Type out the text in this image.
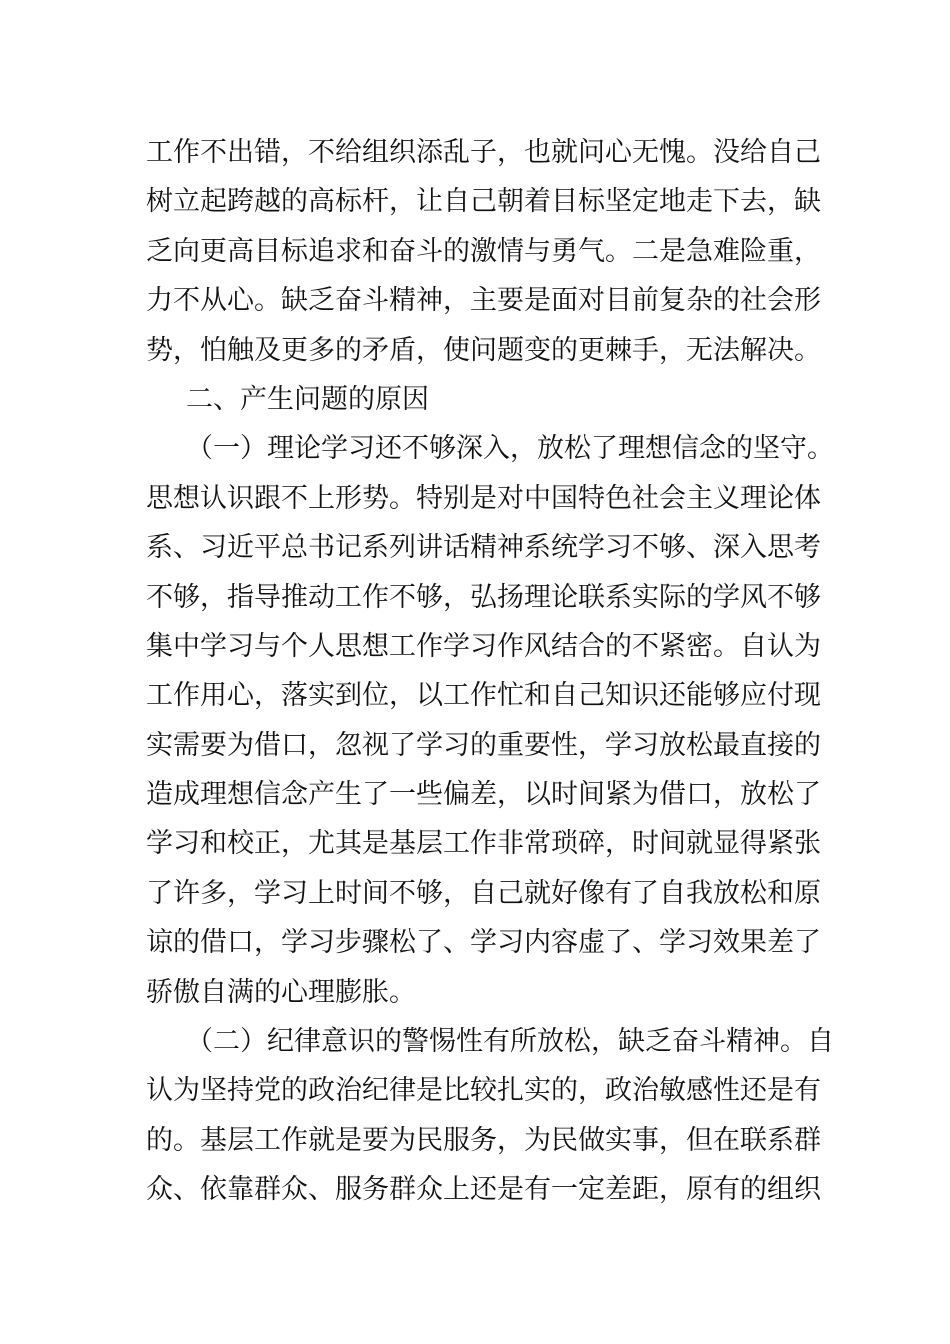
工作不出错，不给组织添乱子，也就问心无愧。没给自己
树立起跨越的高标杆，让自己朝着目标坚定地走下去，缺
乏向更高目标追求和奋斗的激情与勇气。二是急难险重，
力不从心。缺乏奋斗精神，主要是面对目前复杂的社会形
势，怕触及更多的矛盾，使问题变的更棘手，无法解决。
二、产生问题的原因
（一）理论学习还不够深入，放松了理想信念的坚守。
思想认识跟不上形势。特别是对中国特色社会主义理论体
系、习近平总书记系列讲话精神系统学习不够、深入思考
不够，指导推动工作不够，弘扬理论联系实际的学风不够
集中学习与个人思想工作学习作风结合的不紧密。自认为
工作用心，落实到位，以工作忙和自己知识还能够应付现
实需要为借口，忽视了学习的重要性，学习放松最直接的
造成理想信念产生了一些偏差，以时间紧为借口，放松了
学习和校正，尤其是基层工作非常琐碎，时间就显得紧张
了许多，学习上时间不够，自己就好像有了自我放松和原
谅的借口，学习步骤松了、学习内容虚了、学习效果差了
骄傲自满的心理膨胀。
（二）纪律意识的警惕性有所放松，缺乏奋斗精神。自
认为坚持党的政治纪律是比较扎实的，政治敏感性还是有
的。基层工作就是要为民服务，为民做实事，但在联系群
众、依靠群众、服务群众上还是有一定差距，原有的组织
